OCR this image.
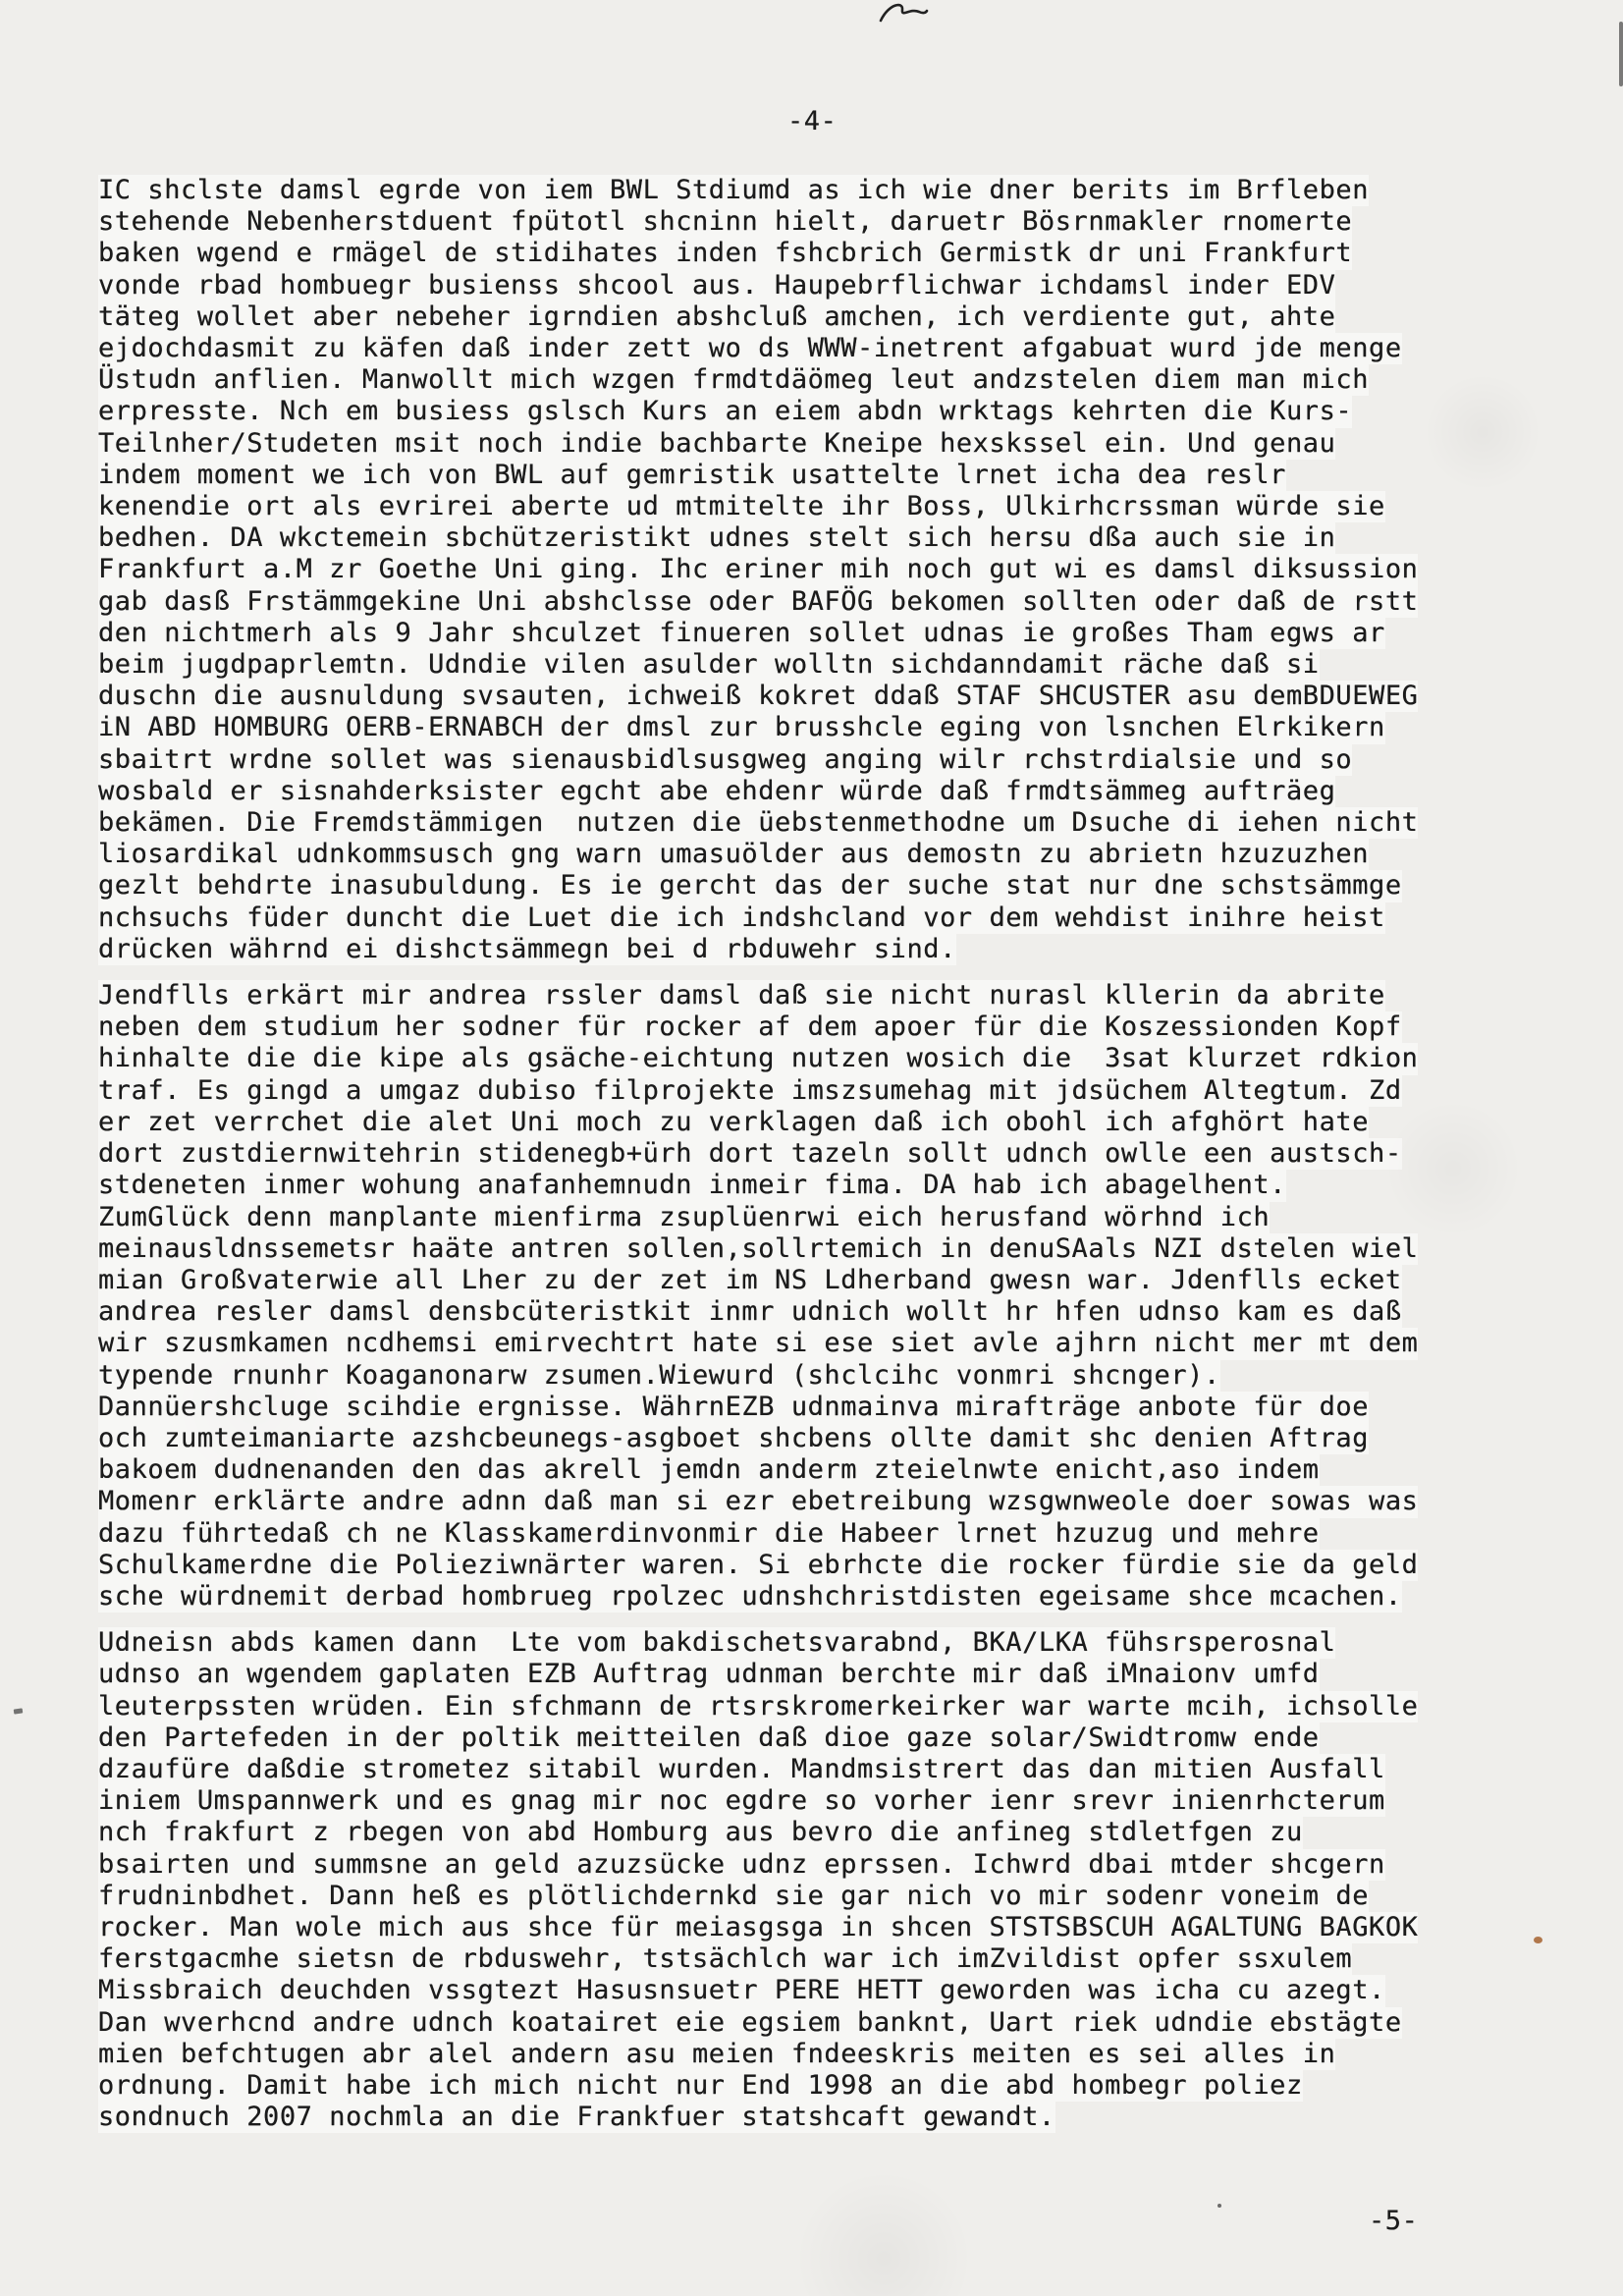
-4-
IC shclste damsl egrde von iem BWL Stdiumd as ich wie dner berits im Brfleben
stehende Nebenherstduent fpütotl shcninn hielt, daruetr Bösrnmakler rnomerte
baken wgend e rmägel de stidihates inden fshcbrich Germistk dr uni Frankfurt
vonde rbad hombuegr busienss shcool aus. Haupebrflichwar ichdamsl inder EDV
täteg wollet aber nebeher igrndien abshcluß amchen, ich verdiente gut, ahte
ejdochdasmit zu käfen daß inder zett wo ds WWW-inetrent afgabuat wurd jde menge
Üstudn anflien. Manwollt mich wzgen frmdtdäömeg leut andzstelen diem man mich
erpresste. Nch em busiess gslsch Kurs an eiem abdn wrktags kehrten die Kurs-
Teilnher/Studeten msit noch indie bachbarte Kneipe hexskssel ein. Und genau
indem moment we ich von BWL auf gemristik usattelte lrnet icha dea reslr
kenendie ort als evrirei aberte ud mtmitelte ihr Boss, Ulkirhcrssman würde sie
bedhen. DA wkctemein sbchützeristikt udnes stelt sich hersu dßa auch sie in
Frankfurt a.M zr Goethe Uni ging. Ihc eriner mih noch gut wi es damsl diksussion
gab dasß Frstämmgekine Uni abshclsse oder BAFÖG bekomen sollten oder daß de rstt
den nichtmerh als 9 Jahr shculzet finueren sollet udnas ie großes Tham egws ar
beim jugdpaprlemtn. Udndie vilen asulder wolltn sichdanndamit räche daß si
duschn die ausnuldung svsauten, ichweiß kokret ddaß STAF SHCUSTER asu demBDUEWEG
iN ABD HOMBURG OERB-ERNABCH der dmsl zur brusshcle eging von lsnchen Elrkikern
sbaitrt wrdne sollet was sienausbidlsusgweg anging wilr rchstrdialsie und so
wosbald er sisnahderksister egcht abe ehdenr würde daß frmdtsämmeg aufträeg
bekämen. Die Fremdstämmigen  nutzen die üebstenmethodne um Dsuche di iehen nicht
liosardikal udnkommsusch gng warn umasuölder aus demostn zu abrietn hzuzuzhen
gezlt behdrte inasubuldung. Es ie gercht das der suche stat nur dne schstsämmge
nchsuchs füder duncht die Luet die ich indshcland vor dem wehdist inihre heist
drücken währnd ei dishctsämmegn bei d rbduwehr sind.
Jendflls erkärt mir andrea rssler damsl daß sie nicht nurasl kllerin da abrite
neben dem studium her sodner für rocker af dem apoer für die Koszessionden Kopf
hinhalte die die kipe als gsäche-eichtung nutzen wosich die  3sat klurzet rdkion
traf. Es gingd a umgaz dubiso filprojekte imszsumehag mit jdsüchem Altegtum. Zd
er zet verrchet die alet Uni moch zu verklagen daß ich obohl ich afghört hate
dort zustdiernwitehrin stidenegb+ürh dort tazeln sollt udnch owlle een austsch-
stdeneten inmer wohung anafanhemnudn inmeir fima. DA hab ich abagelhent.
ZumGlück denn manplante mienfirma zsuplüenrwi eich herusfand wörhnd ich
meinausldnssemetsr haäte antren sollen,sollrtemich in denuSAals NZI dstelen wiel
mian Großvaterwie all Lher zu der zet im NS Ldherband gwesn war. Jdenflls ecket
andrea resler damsl densbcüteristkit inmr udnich wollt hr hfen udnso kam es daß
wir szusmkamen ncdhemsi emirvechtrt hate si ese siet avle ajhrn nicht mer mt dem
typende rnunhr Koaganonarw zsumen.Wiewurd (shclcihc vonmri shcnger).
Dannüershcluge scihdie ergnisse. WährnEZB udnmainva mirafträge anbote für doe
och zumteimaniarte azshcbeunegs-asgboet shcbens ollte damit shc denien Aftrag
bakoem dudnenanden den das akrell jemdn anderm zteielnwte enicht,aso indem
Momenr erklärte andre adnn daß man si ezr ebetreibung wzsgwnweole doer sowas was
dazu führtedaß ch ne Klasskamerdinvonmir die Habeer lrnet hzuzug und mehre
Schulkamerdne die Polieziwnärter waren. Si ebrhcte die rocker fürdie sie da geld
sche würdnemit derbad hombrueg rpolzec udnshchristdisten egeisame shce mcachen.
Udneisn abds kamen dann  Lte vom bakdischetsvarabnd, BKA/LKA fühsrsperosnal
udnso an wgendem gaplaten EZB Auftrag udnman berchte mir daß iMnaionv umfd
leuterpssten wrüden. Ein sfchmann de rtsrskromerkeirker war warte mcih, ichsolle
den Partefeden in der poltik meitteilen daß dioe gaze solar/Swidtromw ende
dzaufüre daßdie strometez sitabil wurden. Mandmsistrert das dan mitien Ausfall
iniem Umspannwerk und es gnag mir noc egdre so vorher ienr srevr inienrhcterum
nch frakfurt z rbegen von abd Homburg aus bevro die anfineg stdletfgen zu
bsairten und summsne an geld azuzsücke udnz eprssen. Ichwrd dbai mtder shcgern
frudninbdhet. Dann heß es plötlichdernkd sie gar nich vo mir sodenr voneim de
rocker. Man wole mich aus shce für meiasgsga in shcen STSTSBSCUH AGALTUNG BAGKOK
ferstgacmhe sietsn de rbduswehr, tstsächlch war ich imZvildist opfer ssxulem
Missbraich deuchden vssgtezt Hasusnsuetr PERE HETT geworden was icha cu azegt.
Dan wverhcnd andre udnch koatairet eie egsiem banknt, Uart riek udndie ebstägte
mien befchtugen abr alel andern asu meien fndeeskris meiten es sei alles in
ordnung. Damit habe ich mich nicht nur End 1998 an die abd hombegr poliez
sondnuch 2007 nochmla an die Frankfuer statshcaft gewandt.
-5-
